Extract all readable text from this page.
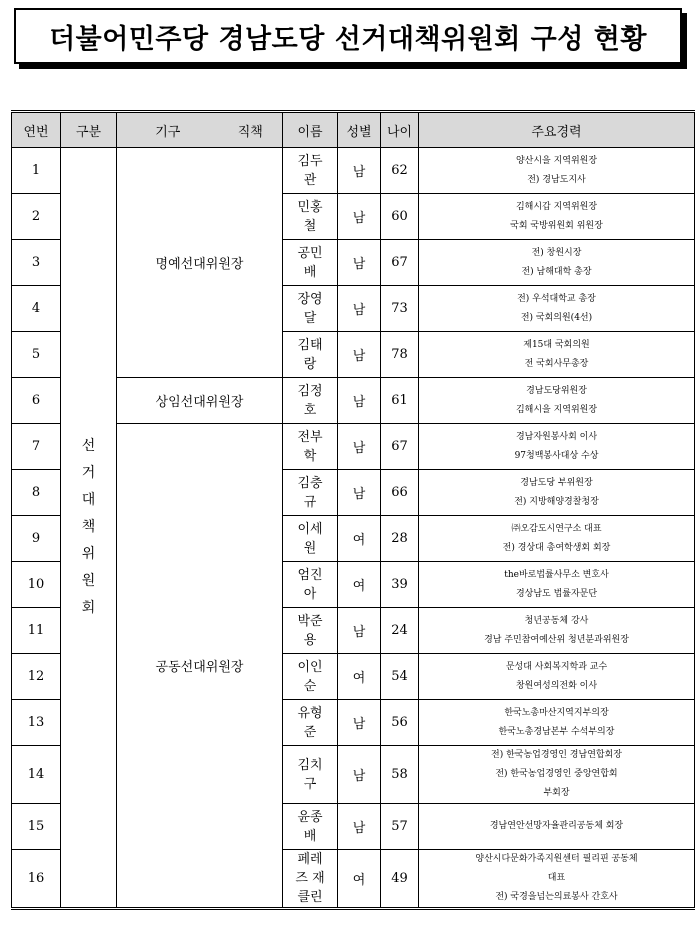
더불어민주당 경남도당 선거대책위원회 구성 현황
연번	구분	기구	직책	이름	성별	나이	주요경력
1	선거대책위원회	명예선대위원장		김두관	남	62	양산시을 지역위원장
전) 경남도지사

2				민홍철	남	60	김해시갑 지역위원장
국회 국방위원회 위원장

3				공민배	남	67	전) 창원시장
전) 남해대학 총장

4				장영달	남	73	전) 우석대학교 총장
전) 국회의원(4선)

5				김태랑	남	78	제15대 국회의원
전 국회사무총장

6		상임선대위원장		김정호	남	61	경남도당위원장
김해시을 지역위원장

7		공동선대위원장		전부학	남	67	경남자원봉사회 이사
97청백봉사대상 수상

8				김충규	남	66	경남도당 부위원장
전) 지방해양경찰청장

9				이세원	여	28	㈜오감도시연구소 대표
전) 경상대 총여학생회 회장

10				엄진아	여	39	the바로법률사무소 변호사
경상남도 법률자문단

11				박준용	남	24	청년공동체 강사
경남 주민참여예산위 청년분과위원장

12				이인순	여	54	문성대 사회복지학과 교수
창원여성의전화 이사

13				유형준	남	56	한국노총마산지역지부의장
한국노총경남본부 수석부의장

14				김치구	남	58	전) 한국농업경영인 경남연합회장
전) 한국농업경영인 중앙연합회
부회장

15				윤종배	남	57	경남연안선망자율관리공동체 회장

16				페레즈 재클린	여	49	양산시다문화가족지원센터 필리핀 공동체
대표
전) 국경을넘는의료봉사 간호사
